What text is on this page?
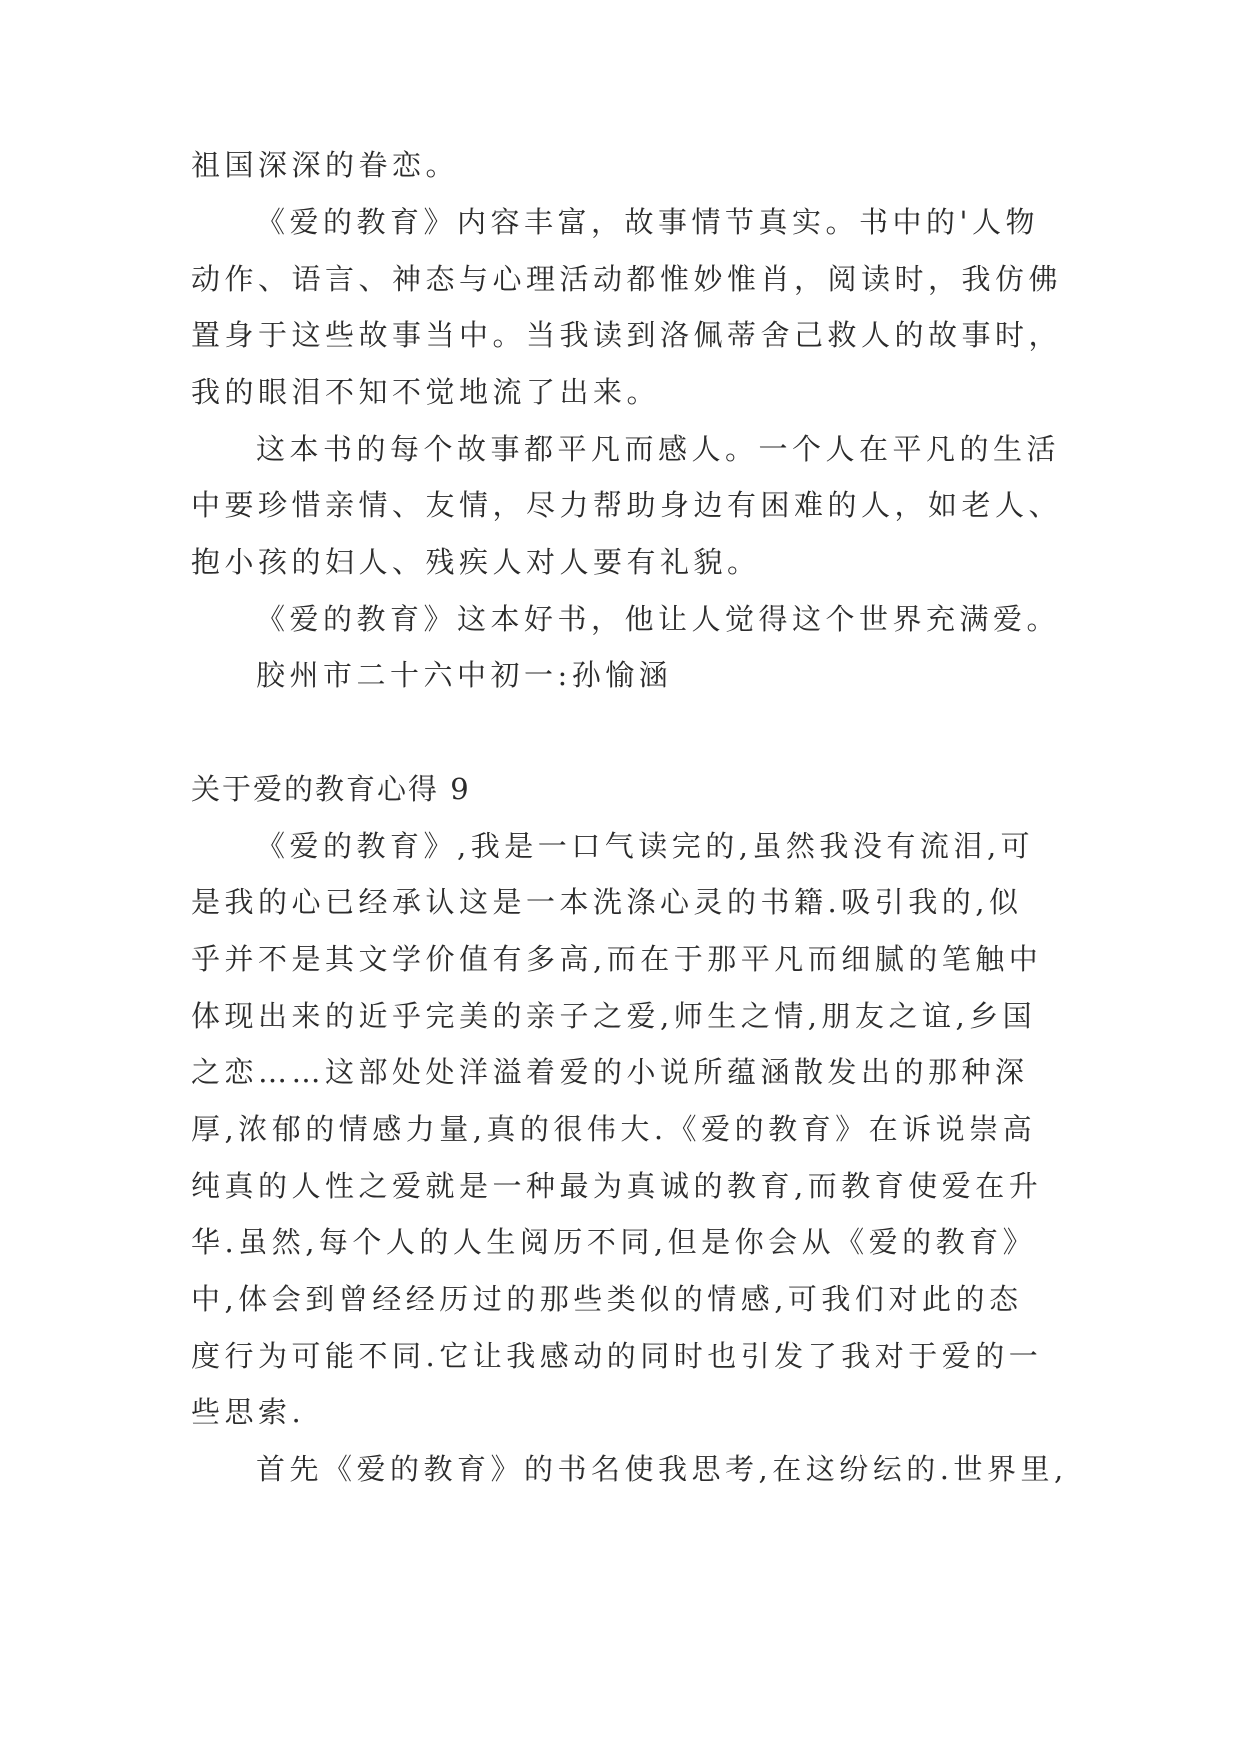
祖国深深的眷恋。
《爱的教育》内容丰富，故事情节真实。书中的'人物
动作、语言、神态与心理活动都惟妙惟肖，阅读时，我仿佛
置身于这些故事当中。当我读到洛佩蒂舍己救人的故事时，
我的眼泪不知不觉地流了出来。
这本书的每个故事都平凡而感人。一个人在平凡的生活
中要珍惜亲情、友情，尽力帮助身边有困难的人，如老人、
抱小孩的妇人、残疾人对人要有礼貌。
《爱的教育》这本好书，他让人觉得这个世界充满爱。
胶州市二十六中初一:孙愉涵
关于爱的教育心得 9
《爱的教育》,我是一口气读完的,虽然我没有流泪,可
是我的心已经承认这是一本洗涤心灵的书籍.吸引我的,似
乎并不是其文学价值有多高,而在于那平凡而细腻的笔触中
体现出来的近乎完美的亲子之爱,师生之情,朋友之谊,乡国
之恋……这部处处洋溢着爱的小说所蕴涵散发出的那种深
厚,浓郁的情感力量,真的很伟大.《爱的教育》在诉说崇高
纯真的人性之爱就是一种最为真诚的教育,而教育使爱在升
华.虽然,每个人的人生阅历不同,但是你会从《爱的教育》
中,体会到曾经经历过的那些类似的情感,可我们对此的态
度行为可能不同.它让我感动的同时也引发了我对于爱的一
些思索.
首先《爱的教育》的书名使我思考,在这纷纭的.世界里,
